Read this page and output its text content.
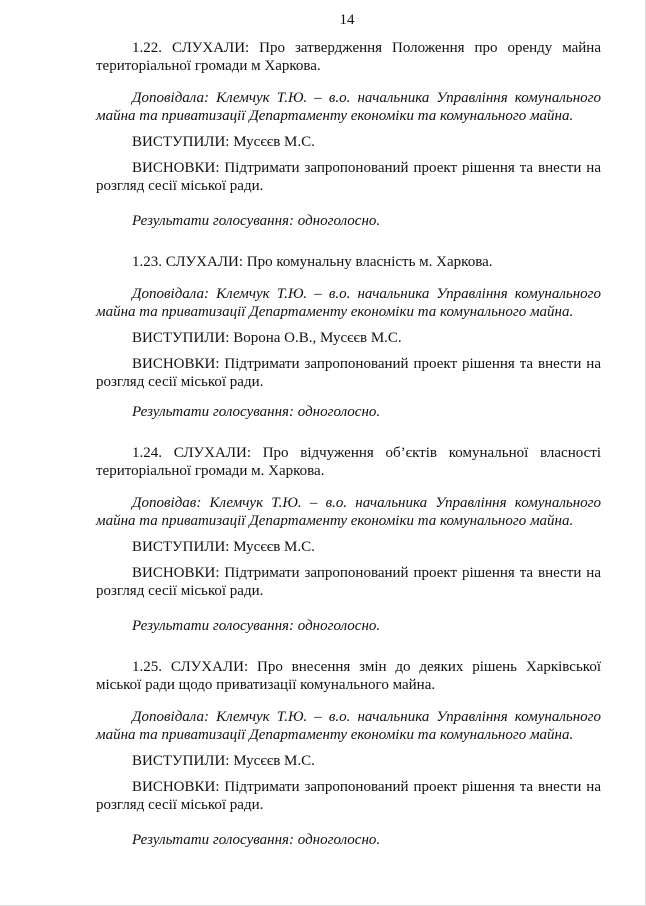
14

1.22. СЛУХАЛИ: Про затвердження Положення про оренду майна територіальної громади м Харкова.

Доповідала: Клемчук Т.Ю. – в.о. начальника Управління комунального майна та приватизації Департаменту економіки та комунального майна.

ВИСТУПИЛИ: Мусєєв М.С.

ВИСНОВКИ: Підтримати запропонований проект рішення та внести на розгляд сесії міської ради.

Результати голосування: одноголосно.

1.23. СЛУХАЛИ: Про комунальну власність м. Харкова.

Доповідала: Клемчук Т.Ю. – в.о. начальника Управління комунального майна та приватизації Департаменту економіки та комунального майна.

ВИСТУПИЛИ: Ворона О.В., Мусєєв М.С.

ВИСНОВКИ: Підтримати запропонований проект рішення та внести на розгляд сесії міської ради.

Результати голосування: одноголосно.

1.24. СЛУХАЛИ: Про відчуження об’єктів комунальної власності територіальної громади м. Харкова.

Доповідав: Клемчук Т.Ю. – в.о. начальника Управління комунального майна та приватизації Департаменту економіки та комунального майна.

ВИСТУПИЛИ: Мусєєв М.С.

ВИСНОВКИ: Підтримати запропонований проект рішення та внести на розгляд сесії міської ради.

Результати голосування: одноголосно.

1.25. СЛУХАЛИ: Про внесення змін до деяких рішень Харківської міської ради щодо приватизації комунального майна.

Доповідала: Клемчук Т.Ю. – в.о. начальника Управління комунального майна та приватизації Департаменту економіки та комунального майна.

ВИСТУПИЛИ: Мусєєв М.С.

ВИСНОВКИ: Підтримати запропонований проект рішення та внести на розгляд сесії міської ради.

Результати голосування: одноголосно.
